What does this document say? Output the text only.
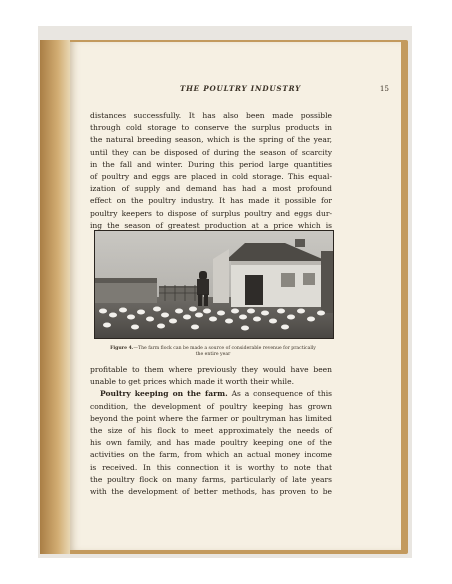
THE POULTRY INDUSTRY	15

distances successfully. It has also been made possible
through cold storage to conserve the surplus products in
the natural breeding season, which is the spring of the year,
until they can be disposed of during the season of scarcity
in the fall and winter. During this period large quantities
of poultry and eggs are placed in cold storage. This equal-
ization of supply and demand has had a most profound
effect on the poultry industry. It has made it possible for
poultry keepers to dispose of surplus poultry and eggs dur-
ing the season of greatest production at a price which is

Figure 4.—The farm flock can be made a source of considerable revenue for practically the entire year

profitable to them where previously they would have been
unable to get prices which made it worth their while.
Poultry keeping on the farm. As a consequence of this
condition, the development of poultry keeping has grown
beyond the point where the farmer or poultryman has limited
the size of his flock to meet approximately the needs of
his own family, and has made poultry keeping one of the
activities on the farm, from which an actual money income
is received. In this connection it is worthy to note that
the poultry flock on many farms, particularly of late years
with the development of better methods, has proven to be
